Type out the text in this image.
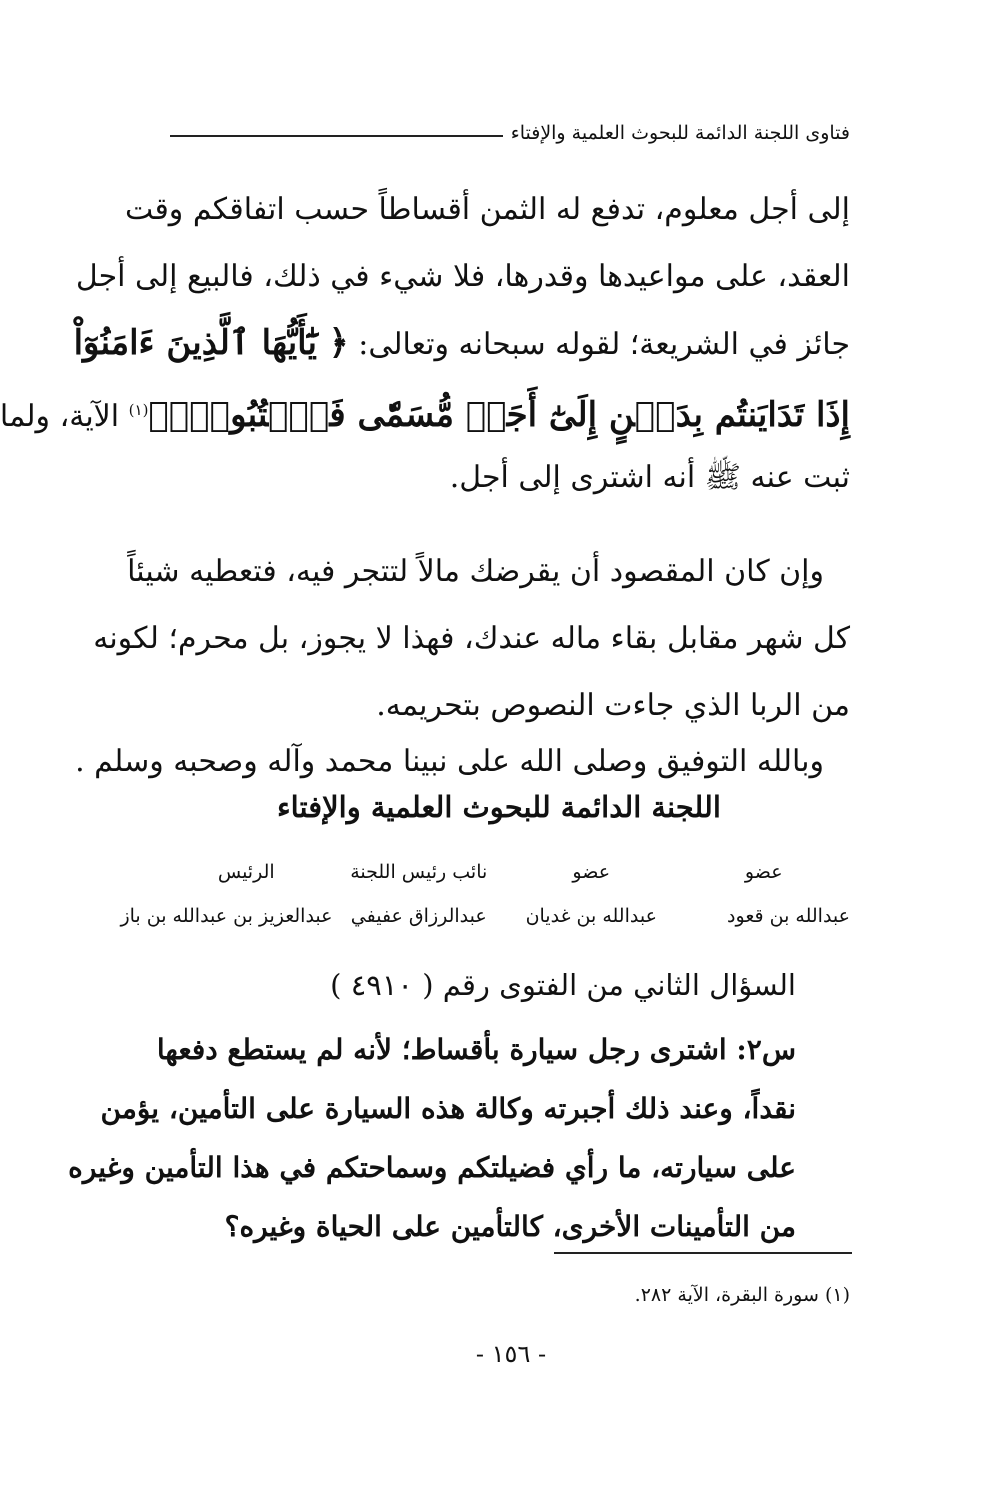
فتاوى اللجنة الدائمة للبحوث العلمية والإفتاء
إلى أجل معلوم، تدفع له الثمن أقساطاً حسب اتفاقكم وقت
العقد، على مواعيدها وقدرها، فلا شيء في ذلك، فالبيع إلى أجل
جائز في الشريعة؛ لقوله سبحانه وتعالى: ﴿ يَٰٓأَيُّهَا ٱلَّذِينَ ءَامَنُوٓاْ
إِذَا تَدَايَنتُم بِدَيۡنٍ إِلَىٰٓ أَجَلٖ مُّسَمّٗى فَٱكۡتُبُوهُۚ﴾$^{(١)}$ الآية، ولما
ثبت عنه ﷺ أنه اشترى إلى أجل.
وإن كان المقصود أن يقرضك مالاً لتتجر فيه، فتعطيه شيئاً
كل شهر مقابل بقاء ماله عندك، فهذا لا يجوز، بل محرم؛ لكونه
من الربا الذي جاءت النصوص بتحريمه.
وبالله التوفيق وصلى الله على نبينا محمد وآله وصحبه وسلم .
اللجنة الدائمة للبحوث العلمية والإفتاء
عضو
عضو
نائب رئيس اللجنة
الرئيس
عبدالله بن قعود
عبدالله بن غديان
عبدالرزاق عفيفي
عبدالعزيز بن عبدالله بن باز
السؤال الثاني من الفتوى رقم ( ٤٩١٠ )
س٢: اشترى رجل سيارة بأقساط؛ لأنه لم يستطع دفعها
نقداً، وعند ذلك أجبرته وكالة هذه السيارة على التأمين، يؤمن
على سيارته، ما رأي فضيلتكم وسماحتكم في هذا التأمين وغيره
من التأمينات الأخرى، كالتأمين على الحياة وغيره؟
(١) سورة البقرة، الآية ٢٨٢.
- ١٥٦ -
